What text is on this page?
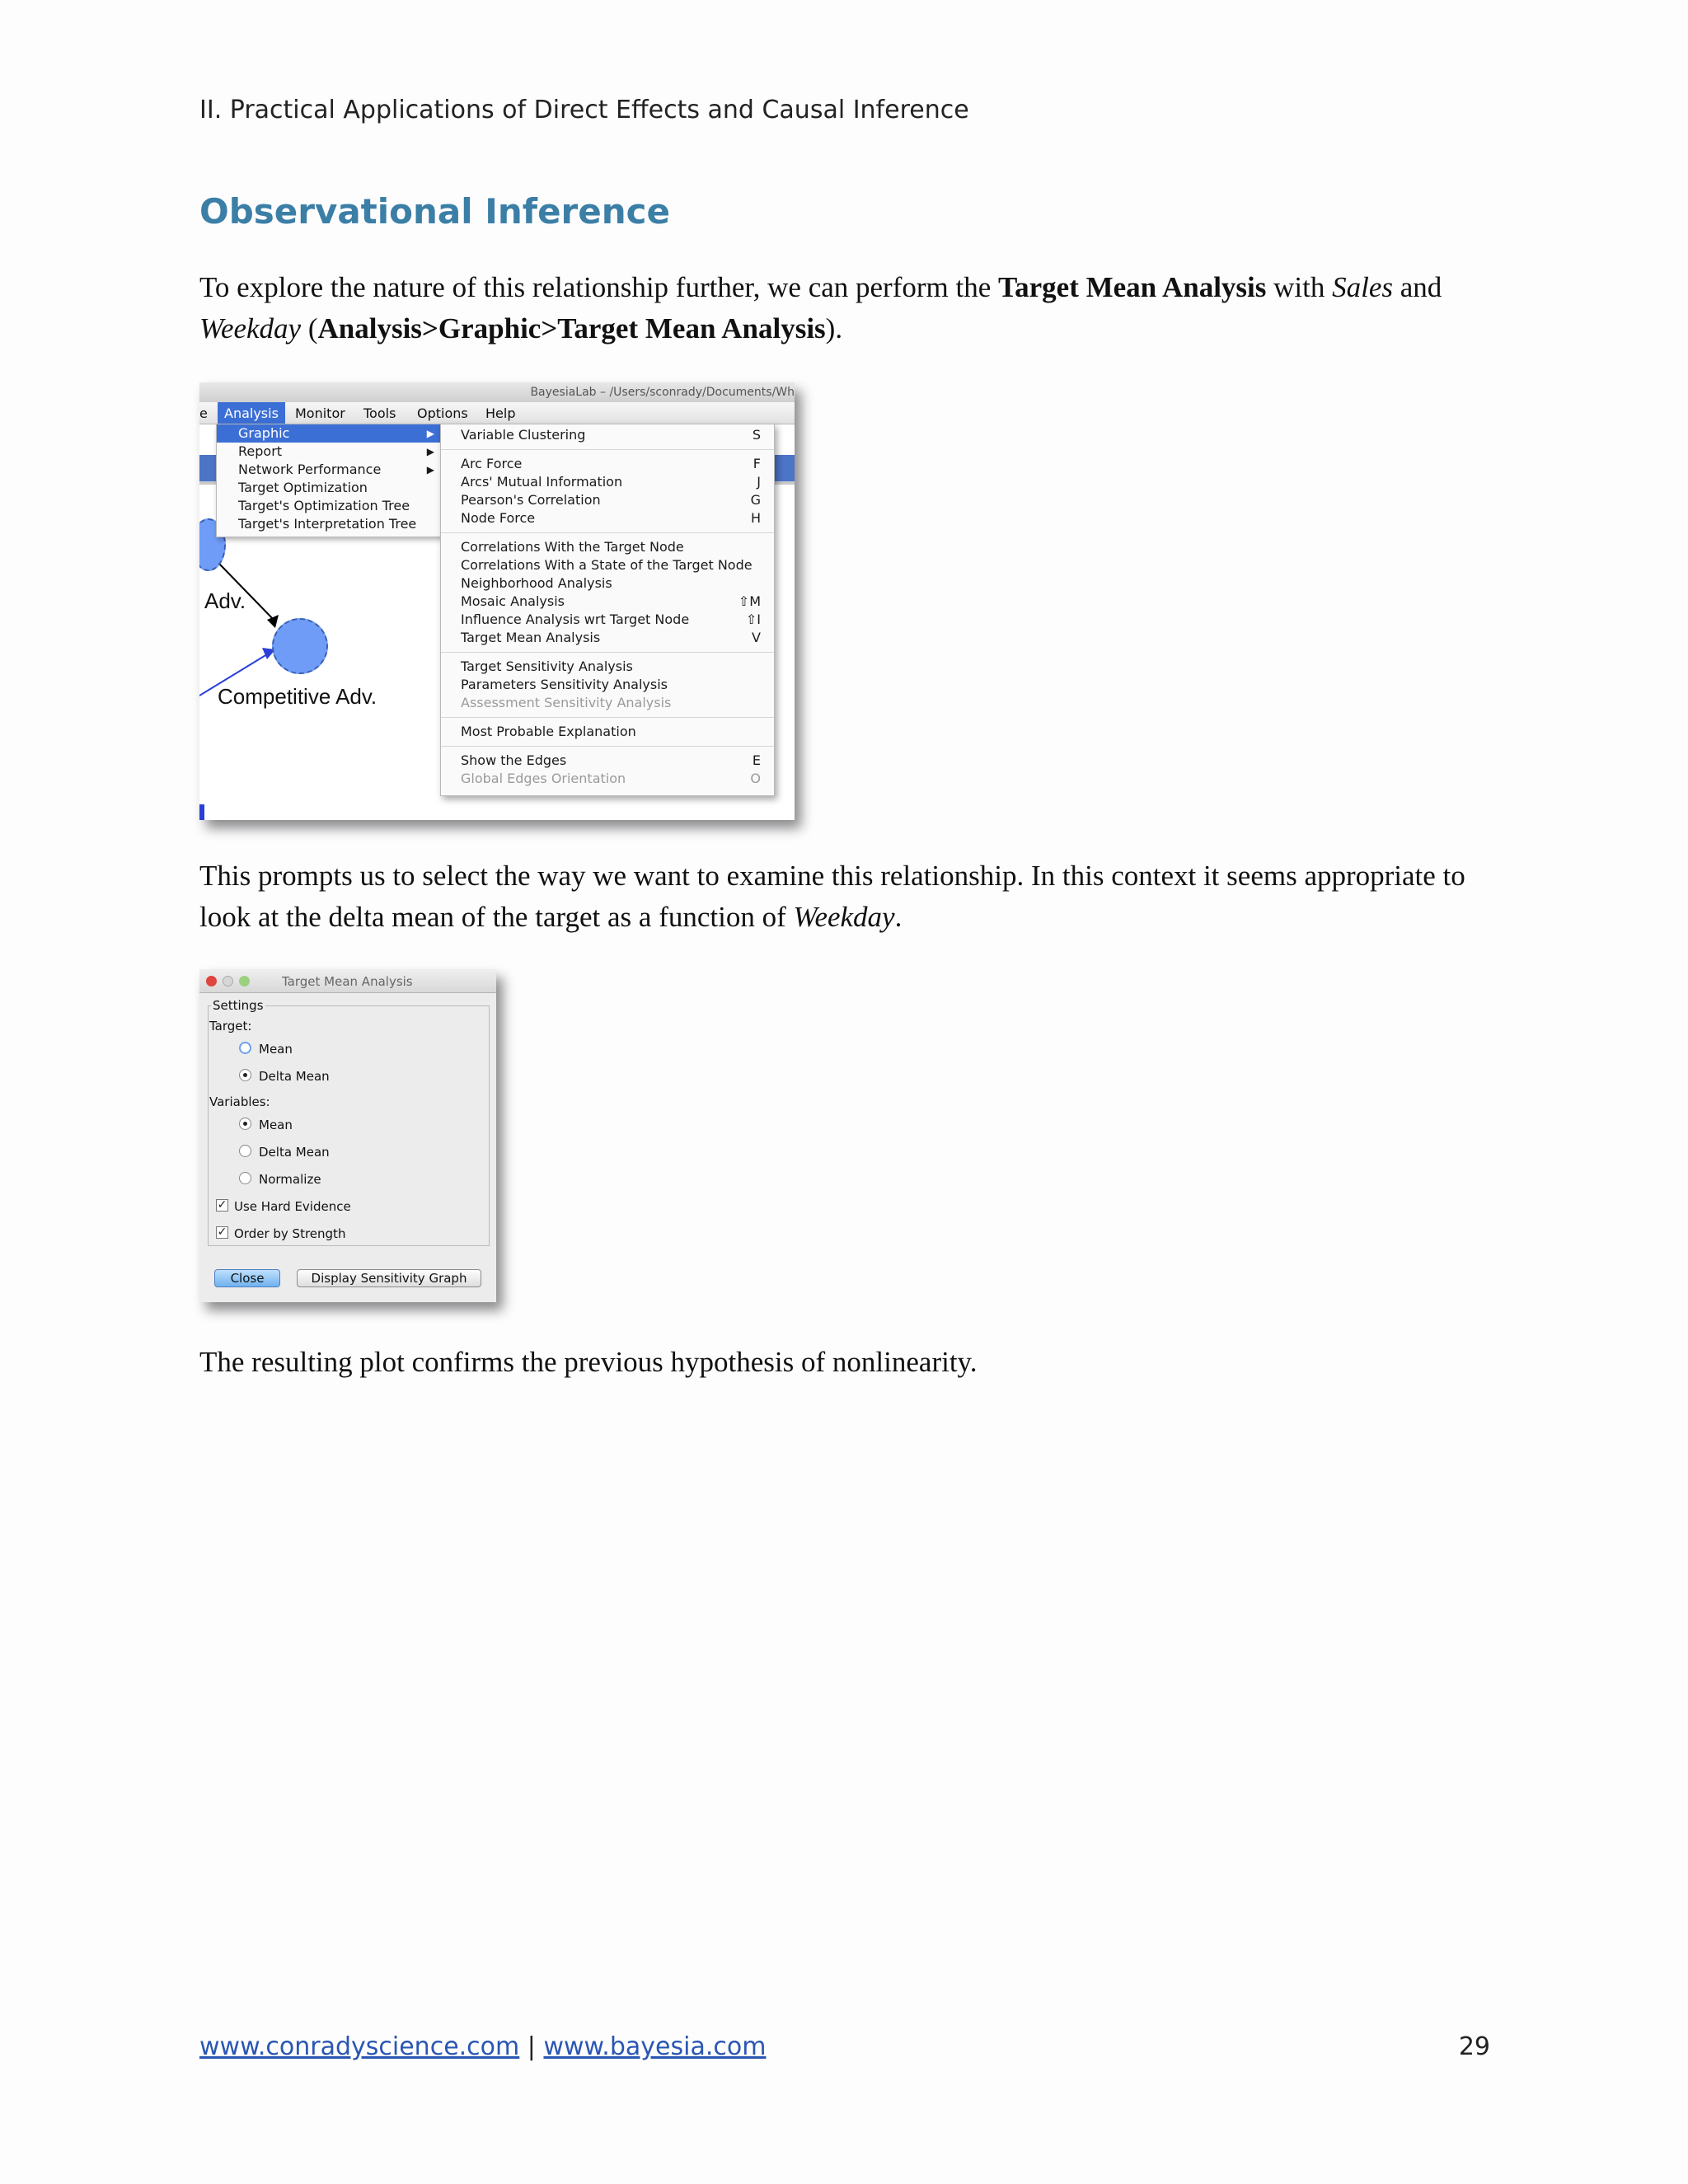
II. Practical Applications of Direct Effects and Causal Inference
Observational Inference
To explore the nature of this relationship further, we can perform the Target Mean Analysis with Sales and Weekday (Analysis>Graphic>Target Mean Analysis).
BayesiaLab – /Users/sconrady/Documents/Wh
e	Analysis	Monitor Tools Options Help
Adv.
Competitive Adv.
Graphic	▶
Report	▶
Network Performance	▶
Target Optimization
Target's Optimization Tree
Target's Interpretation Tree
Variable Clustering	S
Arc Force	F
Arcs' Mutual Information	J
Pearson's Correlation	G
Node Force	H
Correlations With the Target Node
Correlations With a State of the Target Node
Neighborhood Analysis
Mosaic Analysis	⇧M
Influence Analysis wrt Target Node	⇧I
Target Mean Analysis	V
Target Sensitivity Analysis
Parameters Sensitivity Analysis
Assessment Sensitivity Analysis
Most Probable Explanation
Show the Edges	E
Global Edges Orientation	O
This prompts us to select the way we want to examine this relationship. In this context it seems appropriate to look at the delta mean of the target as a function of Weekday.
Target Mean Analysis
Settings
Target:
Mean
Delta Mean
Variables:
Mean
Delta Mean
Normalize
✓ Use Hard Evidence
✓ Order by Strength
Close	Display Sensitivity Graph
The resulting plot confirms the previous hypothesis of nonlinearity.
www.conradyscience.com | www.bayesia.com	29
